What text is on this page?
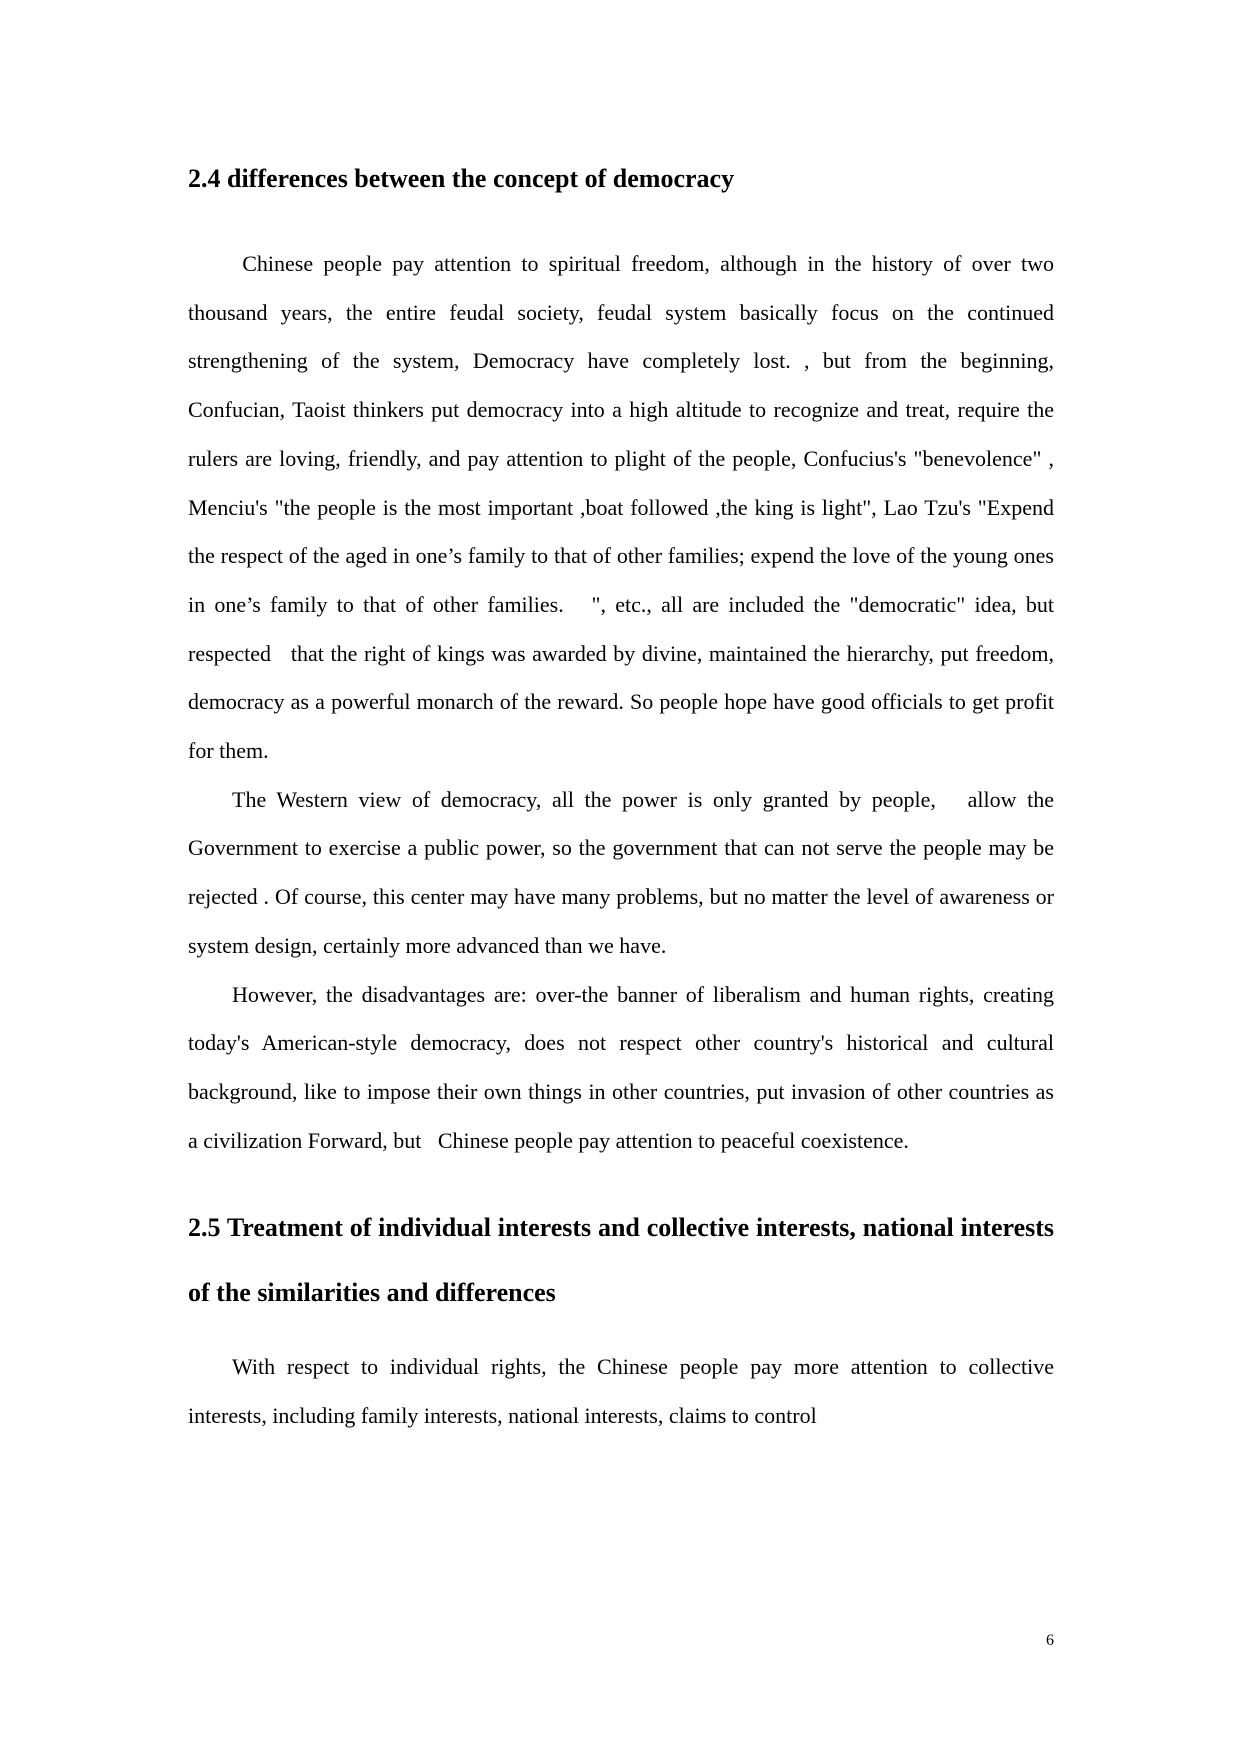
2.4 differences between the concept of democracy

Chinese people pay attention to spiritual freedom, although in the history of over two thousand years, the entire feudal society, feudal system basically focus on the continued strengthening of the system, Democracy have completely lost. , but from the beginning, Confucian, Taoist thinkers put democracy into a high altitude to recognize and treat, require the rulers are loving, friendly, and pay attention to plight of the people, Confucius's "benevolence" , Menciu's "the people is the most important ,boat followed ,the king is light", Lao Tzu's "Expend the respect of the aged in one’s family to that of other families; expend the love of the young ones in one’s family to that of other families.   ", etc., all are included the "democratic" idea, but respected   that the right of kings was awarded by divine, maintained the hierarchy, put freedom, democracy as a powerful monarch of the reward. So people hope have good officials to get profit for them.

The Western view of democracy, all the power is only granted by people,   allow the Government to exercise a public power, so the government that can not serve the people may be rejected . Of course, this center may have many problems, but no matter the level of awareness or system design, certainly more advanced than we have.

However, the disadvantages are: over-the banner of liberalism and human rights, creating today's American-style democracy, does not respect other country's historical and cultural background, like to impose their own things in other countries, put invasion of other countries as a civilization Forward, but   Chinese people pay attention to peaceful coexistence.

2.5 Treatment of individual interests and collective interests, national interests of the similarities and differences

With respect to individual rights, the Chinese people pay more attention to collective interests, including family interests, national interests, claims to control

6
